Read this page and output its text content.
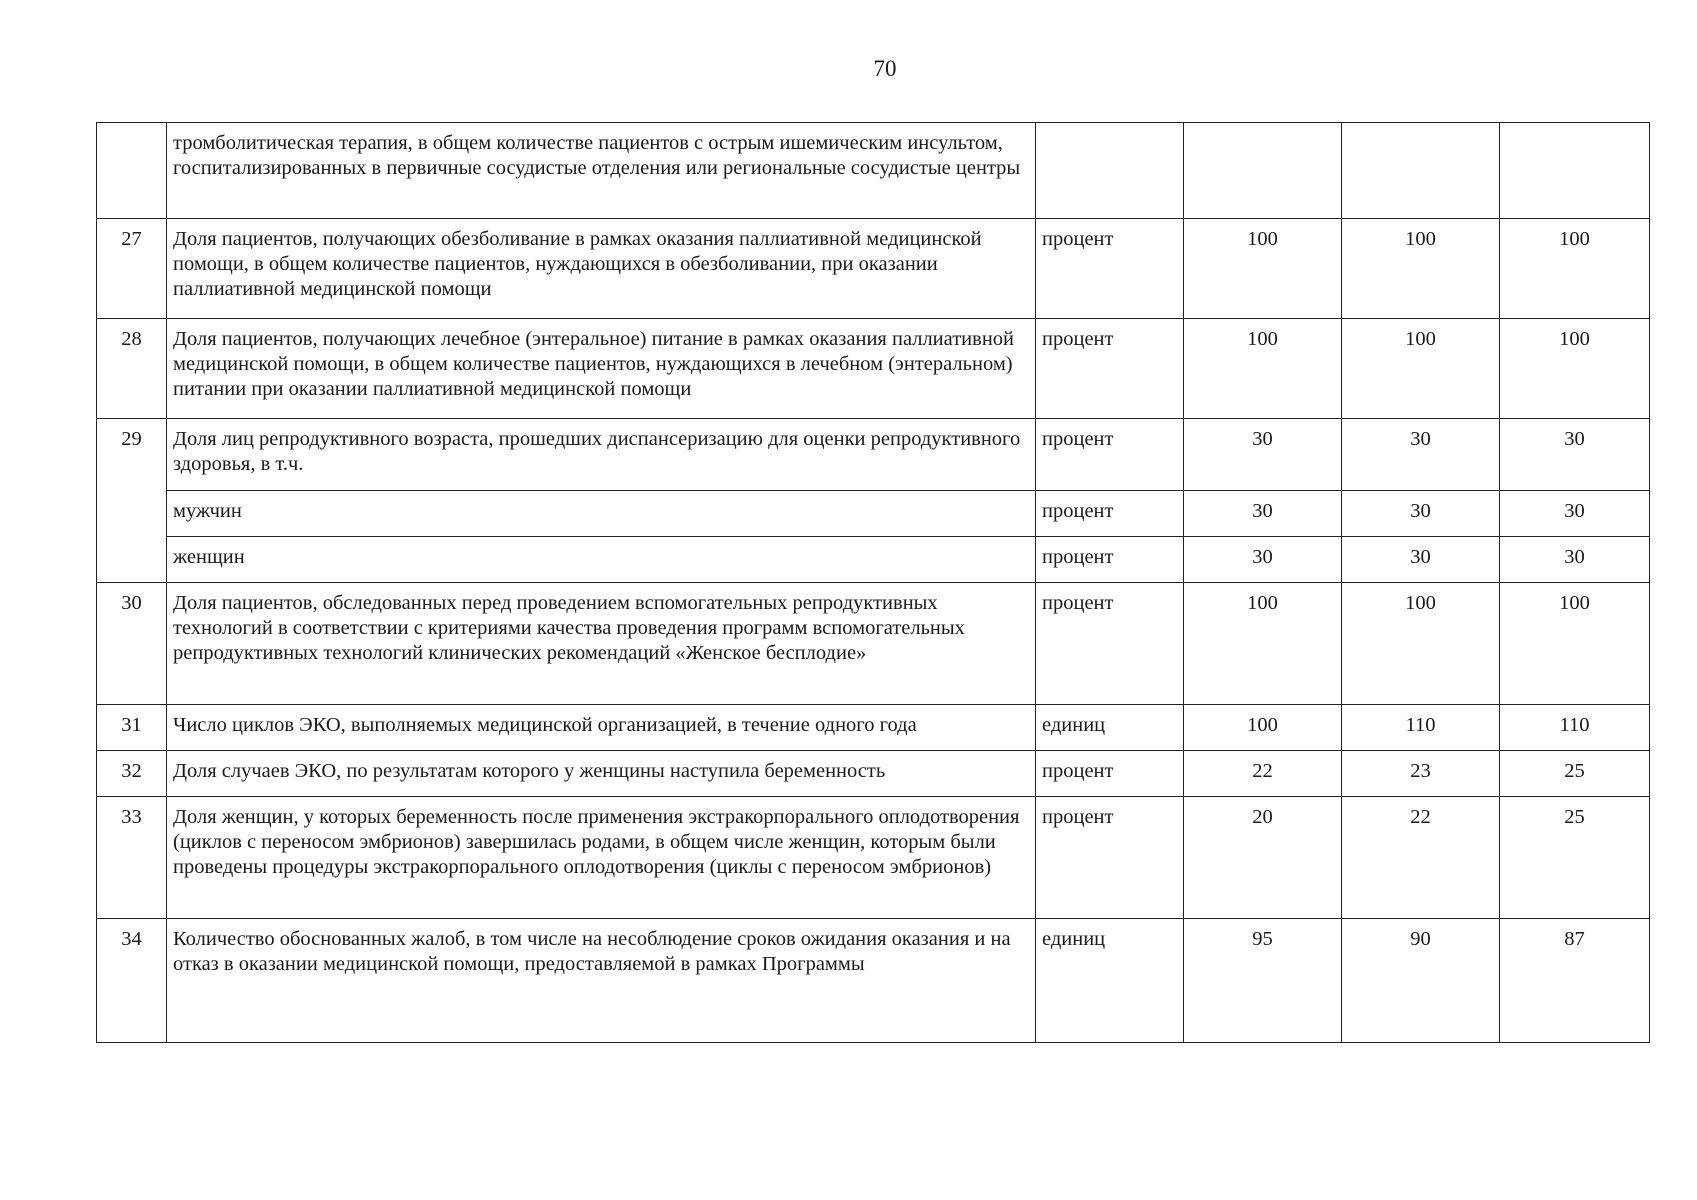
70
	тромболитическая терапия, в общем количестве пациентов с острым ишемическим инсультом, госпитализированных в первичные сосудистые отделения или региональные сосудистые центры				
27	Доля пациентов, получающих обезболивание в рамках оказания паллиативной медицинской помощи, в общем количестве пациентов, нуждающихся в обезболивании, при оказании паллиативной медицинской помощи	процент	100	100	100
28	Доля пациентов, получающих лечебное (энтеральное) питание в рамках оказания паллиативной медицинской помощи, в общем количестве пациентов, нуждающихся в лечебном (энтеральном) питании при оказании паллиативной медицинской помощи	процент	100	100	100
29	Доля лиц репродуктивного возраста, прошедших диспансеризацию для оценки репродуктивного здоровья, в т.ч.	процент	30	30	30
	мужчин	процент	30	30	30
	женщин	процент	30	30	30
30	Доля пациентов, обследованных перед проведением вспомогательных репродуктивных технологий в соответствии с критериями качества проведения программ вспомогательных репродуктивных технологий клинических рекомендаций «Женское бесплодие»	процент	100	100	100
31	Число циклов ЭКО, выполняемых медицинской организацией, в течение одного года	единиц	100	110	110
32	Доля случаев ЭКО, по результатам которого у женщины наступила беременность	процент	22	23	25
33	Доля женщин, у которых беременность после применения экстракорпорального оплодотворения (циклов с переносом эмбрионов) завершилась родами, в общем числе женщин, которым были проведены процедуры экстракорпорального оплодотворения (циклы с переносом эмбрионов)	процент	20	22	25
34	Количество обоснованных жалоб, в том числе на несоблюдение сроков ожидания оказания и на отказ в оказании медицинской помощи, предоставляемой в рамках Программы	единиц	95	90	87
